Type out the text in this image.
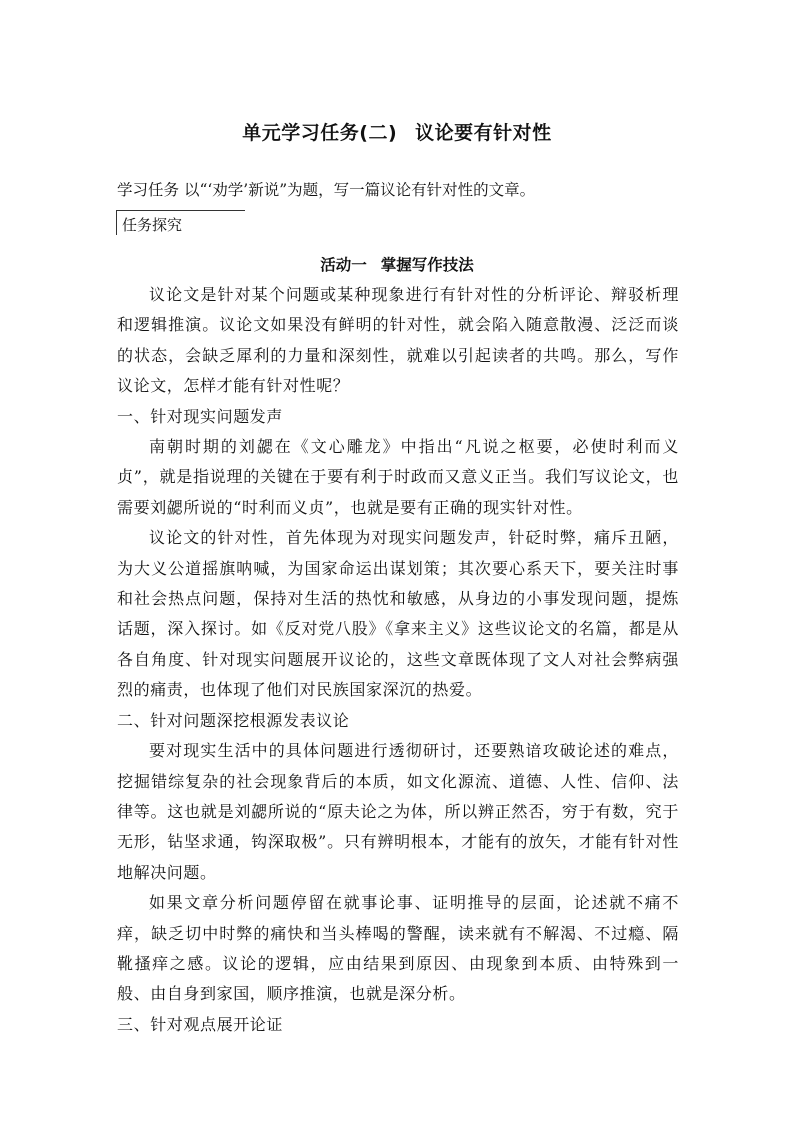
单元学习任务(二) 议论要有针对性
学习任务 以“‘劝学’新说”为题，写一篇议论有针对性的文章。
任务探究
活动一 掌握写作技法

议论文是针对某个问题或某种现象进行有针对性的分析评论、辩驳析理和逻辑推演。议论文如果没有鲜明的针对性，就会陷入随意散漫、泛泛而谈的状态，会缺乏犀利的力量和深刻性，就难以引起读者的共鸣。那么，写作议论文，怎样才能有针对性呢？

一、针对现实问题发声

南朝时期的刘勰在《文心雕龙》中指出“凡说之枢要，必使时利而义贞”，就是指说理的关键在于要有利于时政而又意义正当。我们写议论文，也需要刘勰所说的“时利而义贞”，也就是要有正确的现实针对性。

议论文的针对性，首先体现为对现实问题发声，针砭时弊，痛斥丑陋，为大义公道摇旗呐喊，为国家命运出谋划策；其次要心系天下，要关注时事和社会热点问题，保持对生活的热忱和敏感，从身边的小事发现问题，提炼话题，深入探讨。如《反对党八股》《拿来主义》这些议论文的名篇，都是从各自角度、针对现实问题展开议论的，这些文章既体现了文人对社会弊病强烈的痛责，也体现了他们对民族国家深沉的热爱。

二、针对问题深挖根源发表议论

要对现实生活中的具体问题进行透彻研讨，还要熟谙攻破论述的难点，挖掘错综复杂的社会现象背后的本质，如文化源流、道德、人性、信仰、法律等。这也就是刘勰所说的“原夫论之为体，所以辨正然否，穷于有数，究于无形，钻坚求通，钩深取极”。只有辨明根本，才能有的放矢，才能有针对性地解决问题。

如果文章分析问题停留在就事论事、证明推导的层面，论述就不痛不痒，缺乏切中时弊的痛快和当头棒喝的警醒，读来就有不解渴、不过瘾、隔靴搔痒之感。议论的逻辑，应由结果到原因、由现象到本质、由特殊到一般、由自身到家国，顺序推演，也就是深分析。

三、针对观点展开论证
